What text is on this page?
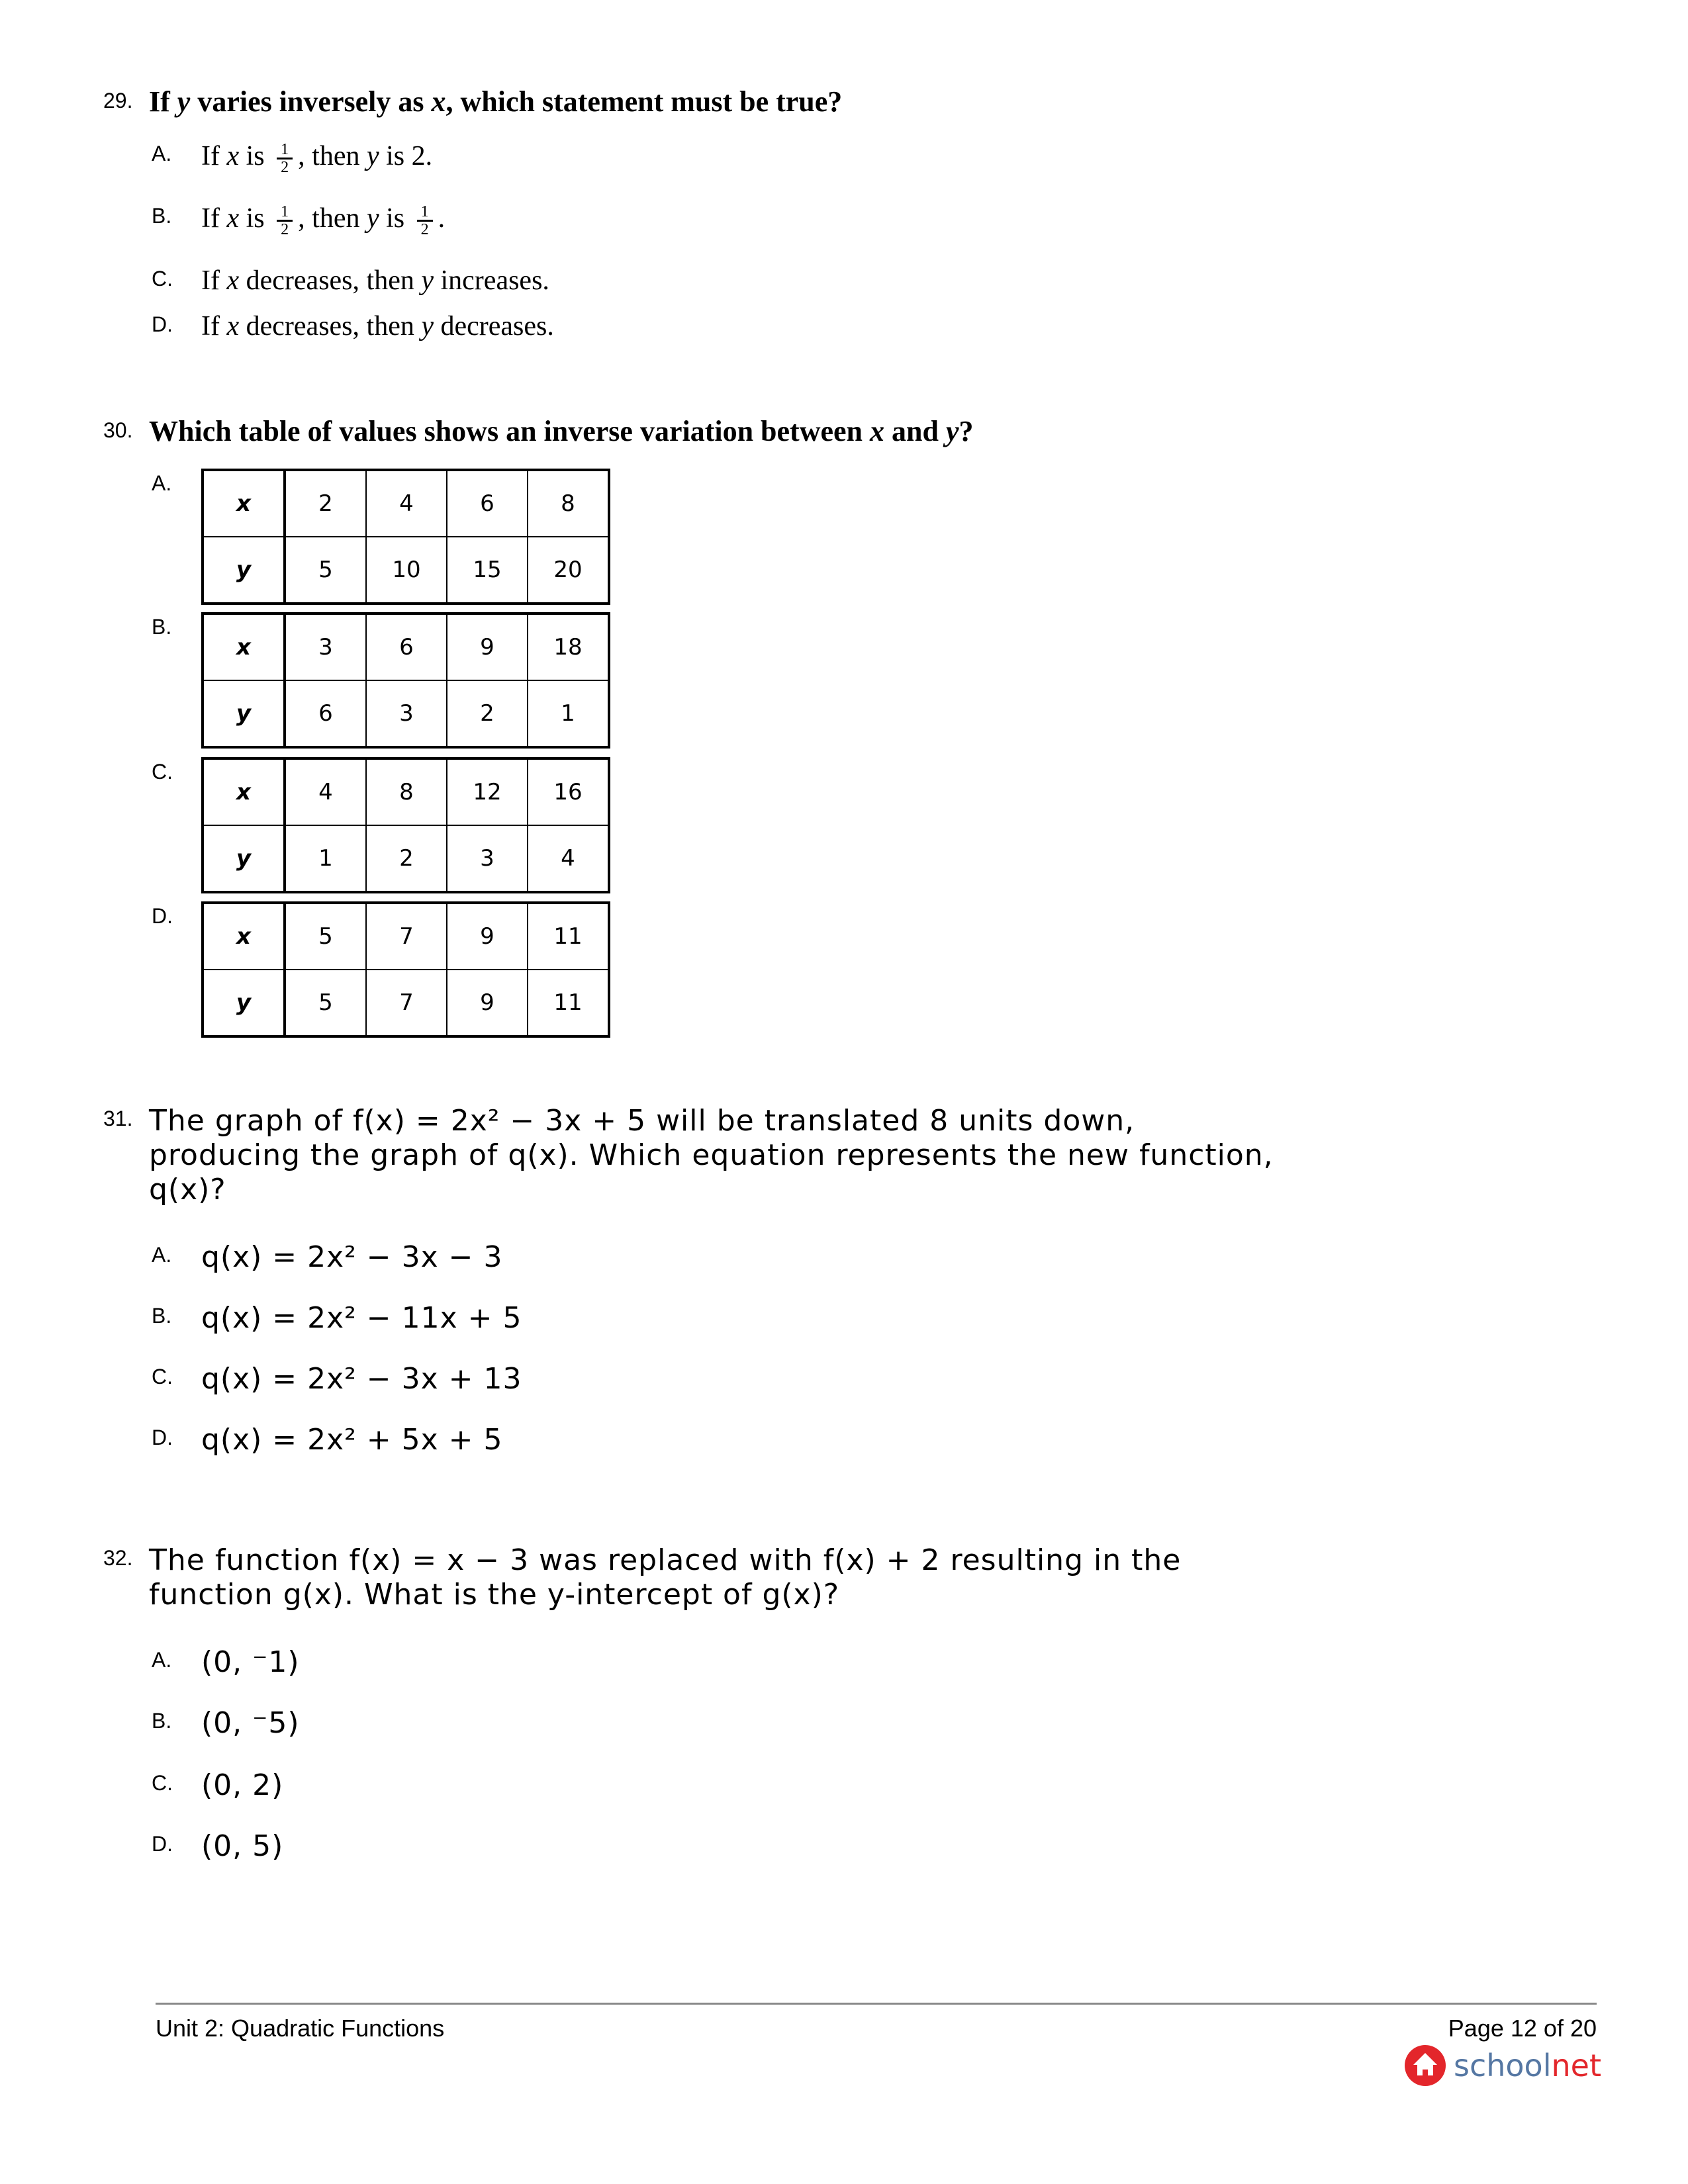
29. If y varies inversely as x, which statement must be true?
A. If x is $\frac{1}{2}$ , then y is 2.
B. If x is $\frac{1}{2}$ , then y is $\frac{1}{2}$ .
C. If x decreases, then y increases.
D. If x decreases, then y decreases.
30. Which table of values shows an inverse variation between x and y?
A.
x	2	4	6	8
y	5	10	15	20
B.
x	3	6	9	18
y	6	3	2	1
C.
x	4	8	12	16
y	1	2	3	4
D.
x	5	7	9	11
y	5	7	9	11
31. The graph of f(x) = 2x² − 3x + 5 will be translated 8 units down,
producing the graph of q(x). Which equation represents the new function,
q(x)?
A. q(x) = 2x² − 3x − 3
B. q(x) = 2x² − 11x + 5
C. q(x) = 2x² − 3x + 13
D. q(x) = 2x² + 5x + 5
32. The function f(x) = x − 3 was replaced with f(x) + 2 resulting in the
function g(x). What is the y-intercept of g(x)?
A. (0, ⁻1)
B. (0, ⁻5)
C. (0, 2)
D. (0, 5)
Unit 2: Quadratic Functions	Page 12 of 20
schoolnet
